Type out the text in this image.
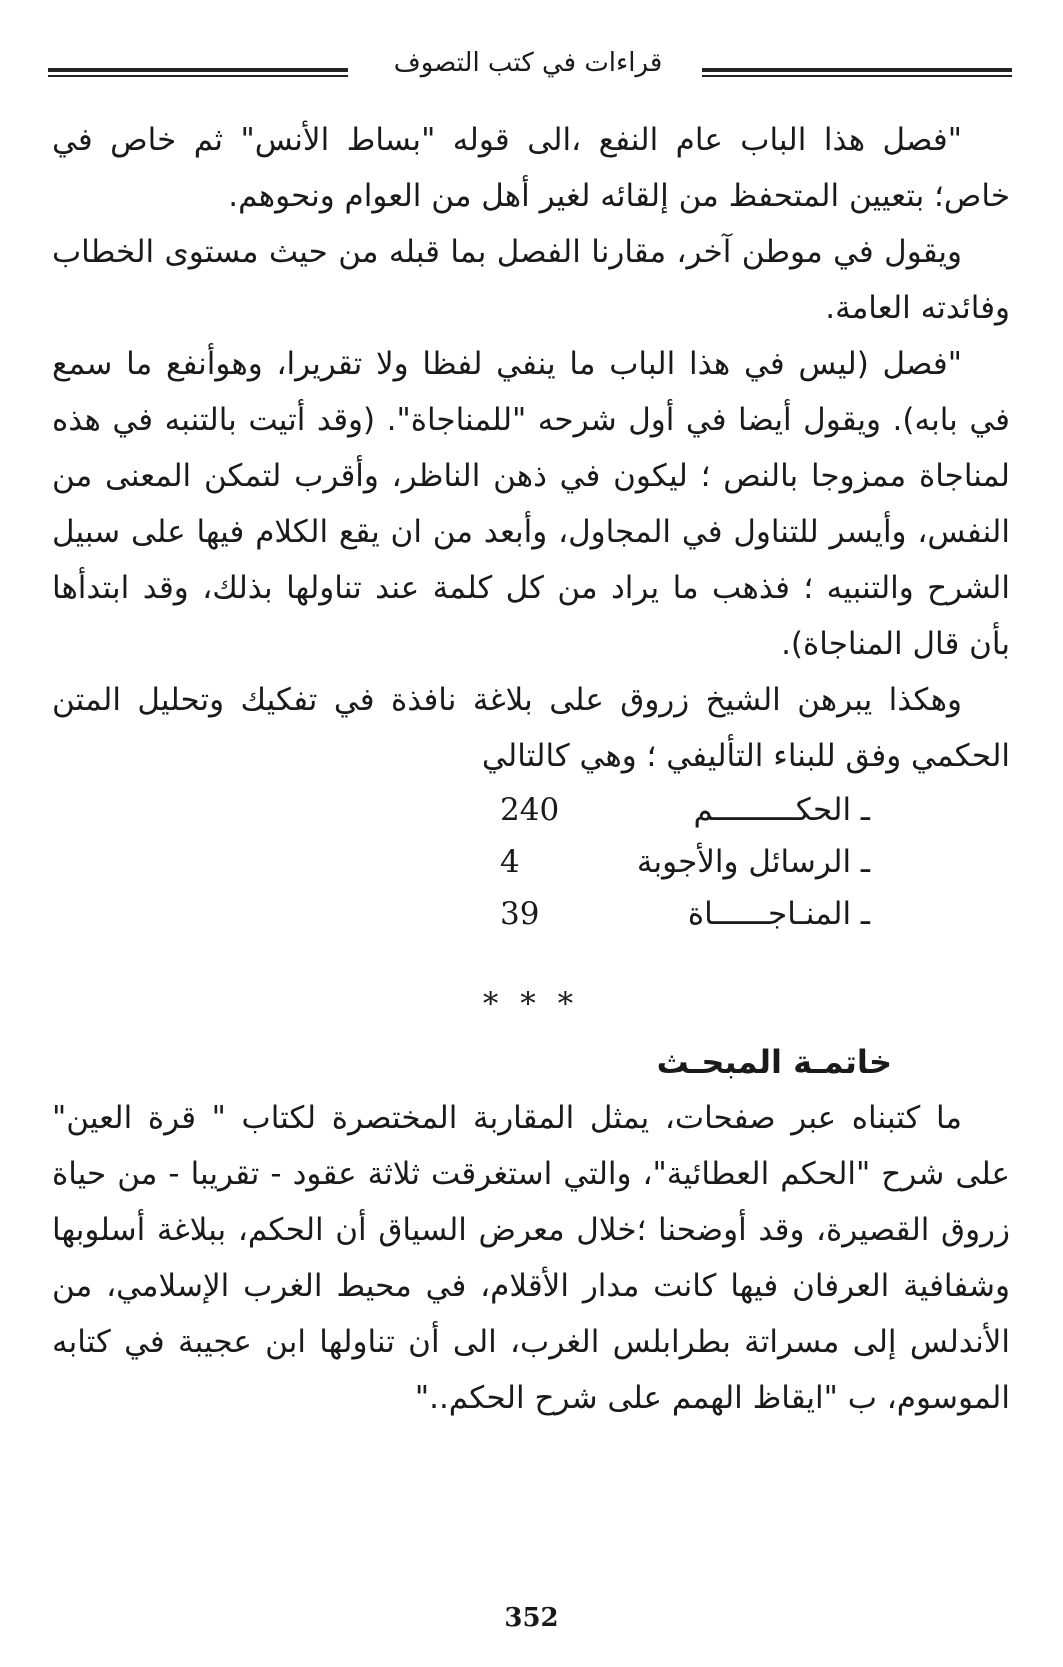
قراءات في كتب التصوف

"فصل هذا الباب عام النفع ،الى قوله "بساط الأنس" ثم خاص في خاص؛ بتعيين المتحفظ من إلقائه لغير أهل من العوام ونحوهم.

ويقول في موطن آخر، مقارنا الفصل بما قبله من حيث مستوى الخطاب وفائدته العامة.

"فصل (ليس في هذا الباب ما ينفي لفظا ولا تقريرا، وهوأنفع ما سمع في بابه). ويقول أيضا في أول شرحه "للمناجاة". (وقد أتيت بالتنبه في هذه لمناجاة ممزوجا بالنص ؛ ليكون في ذهن الناظر، وأقرب لتمكن المعنى من النفس، وأيسر للتناول في المجاول، وأبعد من ان يقع الكلام فيها على سبيل الشرح والتنبيه ؛ فذهب ما يراد من كل كلمة عند تناولها بذلك، وقد ابتدأها بأن قال المناجاة).

وهكذا يبرهن الشيخ زروق على بلاغة نافذة في تفكيك وتحليل المتن الحكمي وفق للبناء التأليفي ؛ وهي كالتالي

ـ الحكـــــــــم
240
ـ الرسائل والأجوبة
4
ـ المنـاجــــــاة
39
* * *

خاتمـة المبحـث

ما كتبناه عبر صفحات، يمثل المقاربة المختصرة لكتاب " قرة العين" على شرح "الحكم العطائية"، والتي استغرقت ثلاثة عقود - تقريبا - من حياة زروق القصيرة، وقد أوضحنا ؛خلال معرض السياق أن الحكم، ببلاغة أسلوبها وشفافية العرفان فيها كانت مدار الأقلام، في محيط الغرب الإسلامي، من الأندلس إلى مسراتة بطرابلس الغرب، الى أن تناولها ابن عجيبة في كتابه الموسوم، ب "ايقاظ الهمم على شرح الحكم.."

352
